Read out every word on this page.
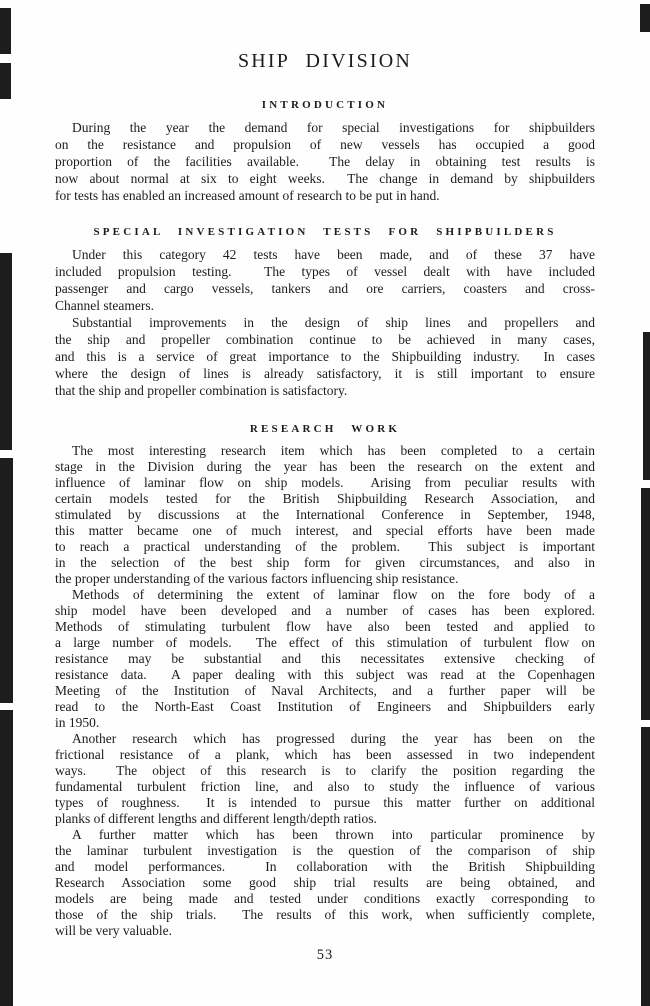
SHIP DIVISION
INTRODUCTION
During the year the demand for special investigations for shipbuilders
on the resistance and propulsion of new vessels has occupied a good
proportion of the facilities available.  The delay in obtaining test results is
now about normal at six to eight weeks.  The change in demand by shipbuilders
for tests has enabled an increased amount of research to be put in hand.
SPECIAL INVESTIGATION TESTS FOR SHIPBUILDERS
Under this category 42 tests have been made, and of these 37 have
included propulsion testing.  The types of vessel dealt with have included
passenger and cargo vessels, tankers and ore carriers, coasters and cross-
Channel steamers.
Substantial improvements in the design of ship lines and propellers and
the ship and propeller combination continue to be achieved in many cases,
and this is a service of great importance to the Shipbuilding industry.  In cases
where the design of lines is already satisfactory, it is still important to ensure
that the ship and propeller combination is satisfactory.
RESEARCH WORK
The most interesting research item which has been completed to a certain
stage in the Division during the year has been the research on the extent and
influence of laminar flow on ship models.  Arising from peculiar results with
certain models tested for the British Shipbuilding Research Association, and
stimulated by discussions at the International Conference in September, 1948,
this matter became one of much interest, and special efforts have been made
to reach a practical understanding of the problem.  This subject is important
in the selection of the best ship form for given circumstances, and also in
the proper understanding of the various factors influencing ship resistance.
Methods of determining the extent of laminar flow on the fore body of a
ship model have been developed and a number of cases has been explored.
Methods of stimulating turbulent flow have also been tested and applied to
a large number of models.  The effect of this stimulation of turbulent flow on
resistance may be substantial and this necessitates extensive checking of
resistance data.  A paper dealing with this subject was read at the Copenhagen
Meeting of the Institution of Naval Architects, and a further paper will be
read to the North-East Coast Institution of Engineers and Shipbuilders early
in 1950.
Another research which has progressed during the year has been on the
frictional resistance of a plank, which has been assessed in two independent
ways.  The object of this research is to clarify the position regarding the
fundamental turbulent friction line, and also to study the influence of various
types of roughness.  It is intended to pursue this matter further on additional
planks of different lengths and different length/depth ratios.
A further matter which has been thrown into particular prominence by
the laminar turbulent investigation is the question of the comparison of ship
and model performances.  In collaboration with the British Shipbuilding
Research Association some good ship trial results are being obtained, and
models are being made and tested under conditions exactly corresponding to
those of the ship trials.  The results of this work, when sufficiently complete,
will be very valuable.
53
